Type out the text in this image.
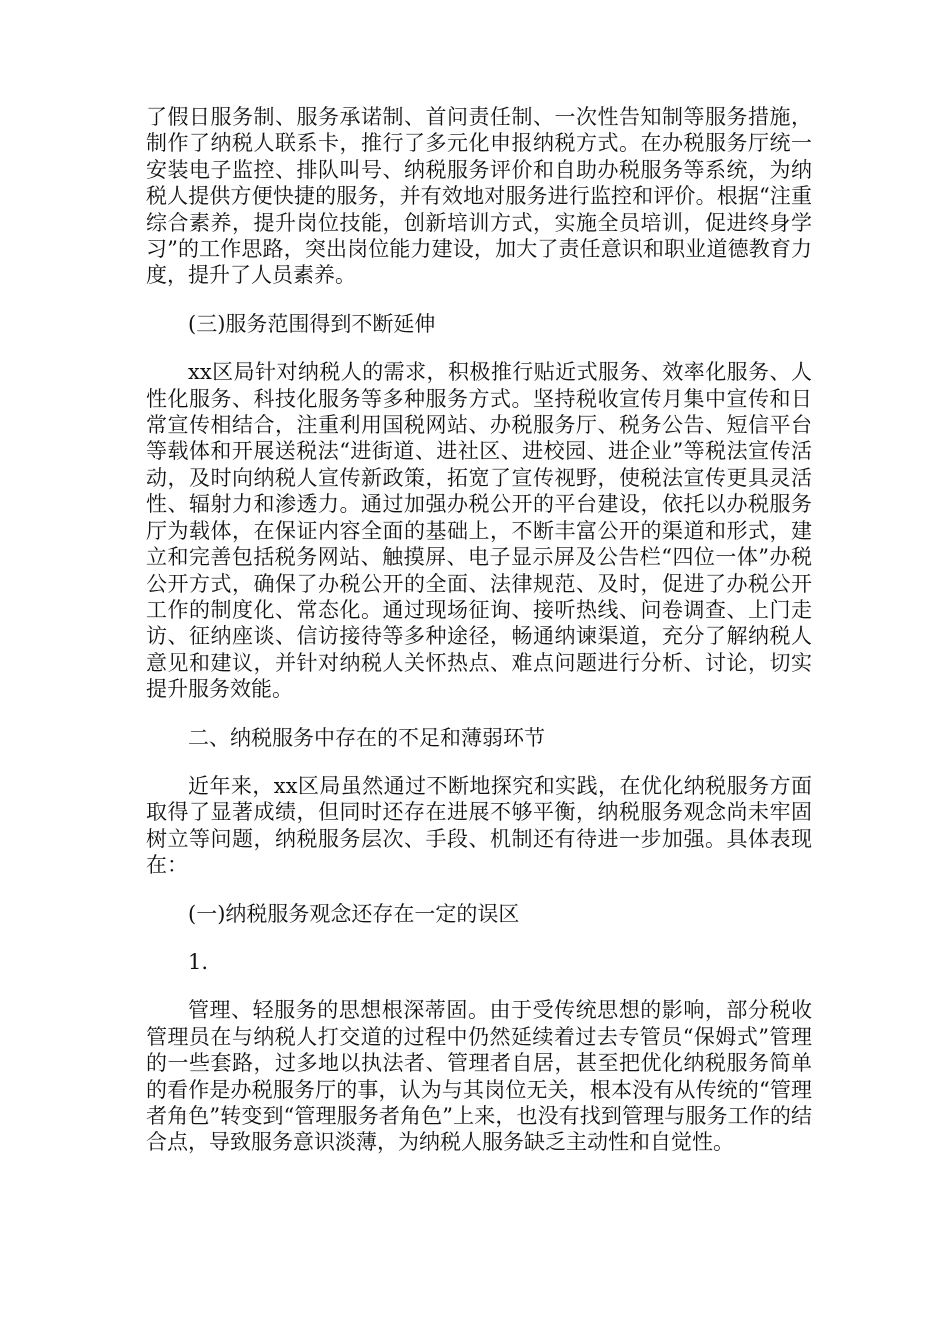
了假日服务制、服务承诺制、首问责任制、一次性告知制等服务措施，制作了纳税人联系卡，推行了多元化申报纳税方式。在办税服务厅统一安装电子监控、排队叫号、纳税服务评价和自助办税服务等系统，为纳税人提供方便快捷的服务，并有效地对服务进行监控和评价。根据“注重综合素养，提升岗位技能，创新培训方式，实施全员培训，促进终身学习”的工作思路，突出岗位能力建设，加大了责任意识和职业道德教育力度，提升了人员素养。

(三)服务范围得到不断延伸

xx区局针对纳税人的需求，积极推行贴近式服务、效率化服务、人性化服务、科技化服务等多种服务方式。坚持税收宣传月集中宣传和日常宣传相结合，注重利用国税网站、办税服务厅、税务公告、短信平台等载体和开展送税法“进街道、进社区、进校园、进企业”等税法宣传活动，及时向纳税人宣传新政策，拓宽了宣传视野，使税法宣传更具灵活性、辐射力和渗透力。通过加强办税公开的平台建设，依托以办税服务厅为载体，在保证内容全面的基础上，不断丰富公开的渠道和形式，建立和完善包括税务网站、触摸屏、电子显示屏及公告栏“四位一体”办税公开方式，确保了办税公开的全面、法律规范、及时，促进了办税公开工作的制度化、常态化。通过现场征询、接听热线、问卷调查、上门走访、征纳座谈、信访接待等多种途径，畅通纳谏渠道，充分了解纳税人意见和建议，并针对纳税人关怀热点、难点问题进行分析、讨论，切实提升服务效能。

二、纳税服务中存在的不足和薄弱环节

近年来，xx区局虽然通过不断地探究和实践，在优化纳税服务方面取得了显著成绩，但同时还存在进展不够平衡，纳税服务观念尚未牢固树立等问题，纳税服务层次、手段、机制还有待进一步加强。具体表现在：

(一)纳税服务观念还存在一定的误区

1.

管理、轻服务的思想根深蒂固。由于受传统思想的影响，部分税收管理员在与纳税人打交道的过程中仍然延续着过去专管员“保姆式”管理的一些套路，过多地以执法者、管理者自居，甚至把优化纳税服务简单的看作是办税服务厅的事，认为与其岗位无关，根本没有从传统的“管理者角色”转变到“管理服务者角色”上来，也没有找到管理与服务工作的结合点，导致服务意识淡薄，为纳税人服务缺乏主动性和自觉性。
